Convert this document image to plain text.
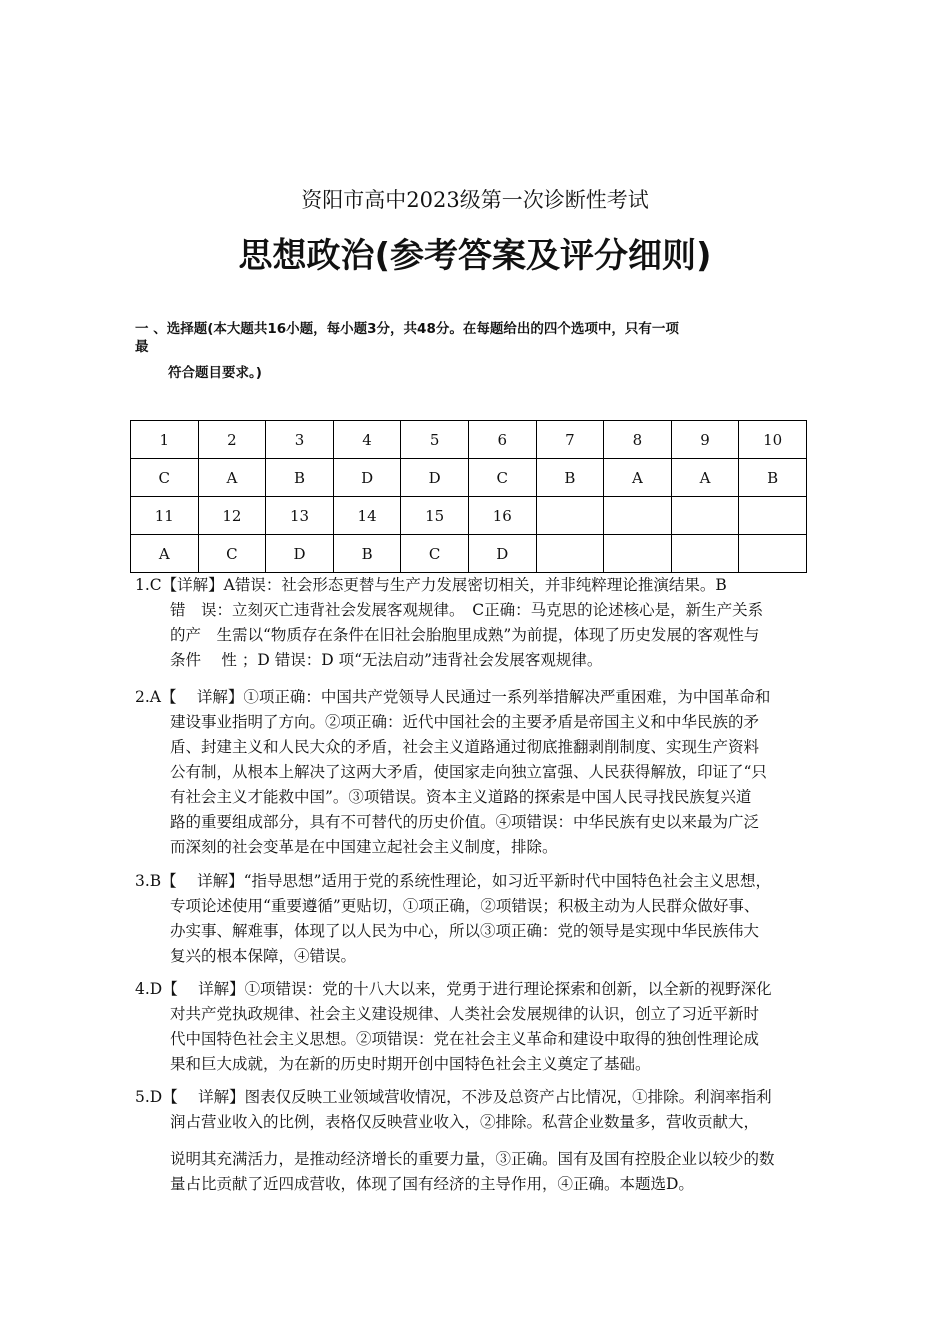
资阳市高中2023级第一次诊断性考试
思想政治(参考答案及评分细则)
一 、选择题(本大题共16小题，每小题3分，共48分。在每题给出的四个选项中，只有一项
最
符合题目要求。)
1	2	3	4	5	6	7	8	9	10
C	A	B	D	D	C	B	A	A	B
11	12	13	14	15	16				
A	C	D	B	C	D				
1.C【详解】A错误：社会形态更替与生产力发展密切相关，并非纯粹理论推演结果。B
错　误：立刻灭亡违背社会发展客观规律。　C正确：马克思的论述核心是，新生产关系
的产　生需以“物质存在条件在旧社会胎胞里成熟”为前提，体现了历史发展的客观性与
条件　 性 ；D 错误：D 项“无法启动”违背社会发展客观规律。
2.A【　 详解】①项正确：中国共产党领导人民通过一系列举措解决严重困难，为中国革命和
建设事业指明了方向。②项正确：近代中国社会的主要矛盾是帝国主义和中华民族的矛
盾、封建主义和人民大众的矛盾，社会主义道路通过彻底推翻剥削制度、实现生产资料
公有制，从根本上解决了这两大矛盾，使国家走向独立富强、人民获得解放，印证了“只
有社会主义才能救中国”。③项错误。资本主义道路的探索是中国人民寻找民族复兴道
路的重要组成部分，具有不可替代的历史价值。④项错误：中华民族有史以来最为广泛
而深刻的社会变革是在中国建立起社会主义制度，排除。
3.B【　 详解】“指导思想”适用于党的系统性理论，如习近平新时代中国特色社会主义思想，
专项论述使用“重要遵循”更贴切，①项正确，②项错误；积极主动为人民群众做好事、
办实事、解难事，体现了以人民为中心，所以③项正确：党的领导是实现中华民族伟大
复兴的根本保障，④错误。
4.D【　 详解】①项错误：党的十八大以来，党勇于进行理论探索和创新，以全新的视野深化
对共产党执政规律、社会主义建设规律、人类社会发展规律的认识，创立了习近平新时
代中国特色社会主义思想。②项错误：党在社会主义革命和建设中取得的独创性理论成
果和巨大成就，为在新的历史时期开创中国特色社会主义奠定了基础。
5.D【　 详解】图表仅反映工业领域营收情况，不涉及总资产占比情况，①排除。利润率指利
润占营业收入的比例，表格仅反映营业收入，②排除。私营企业数量多，营收贡献大，
说明其充满活力，是推动经济增长的重要力量，③正确。国有及国有控股企业以较少的数
量占比贡献了近四成营收，体现了国有经济的主导作用，④正确。本题选D。
